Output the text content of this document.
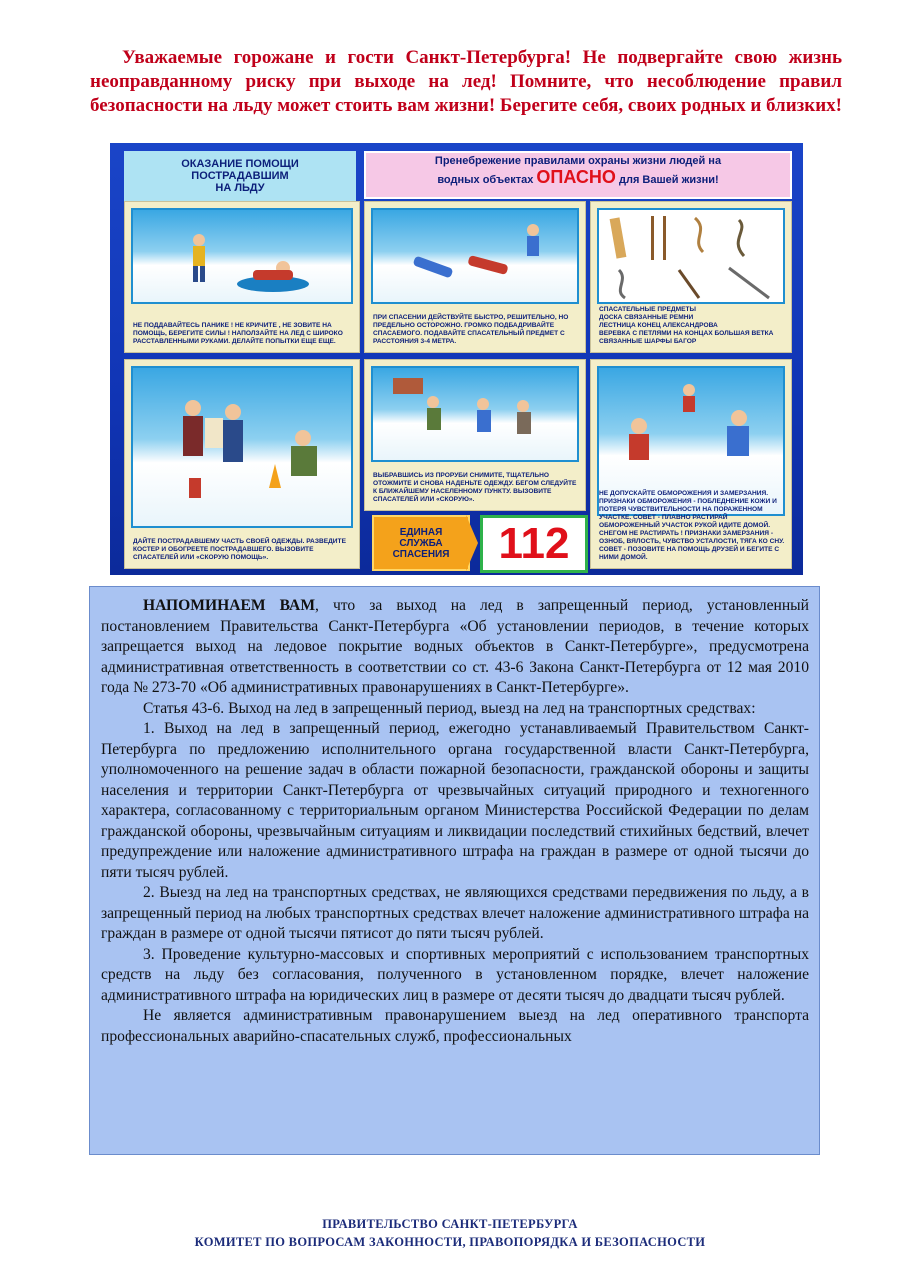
Уважаемые горожане и гости Санкт-Петербурга! Не подвергайте свою жизнь неоправданному риску при выходе на лед! Помните, что несоблюдение правил безопасности на льду может стоить вам жизни! Берегите себя, своих родных и близких!

ОКАЗАНИЕ ПОМОЩИ
ПОСТРАДАВШИМ
НА ЛЬДУ
Пренебрежение правилами охраны жизни людей на
водных объектах ОПАСНО для Вашей жизни!
НЕ ПОДДАВАЙТЕСЬ ПАНИКЕ ! НЕ КРИЧИТЕ , НЕ ЗОВИТЕ НА ПОМОЩЬ, БЕРЕГИТЕ СИЛЫ ! НАПОЛЗАЙТЕ НА ЛЕД С ШИРОКО РАССТАВЛЕННЫМИ РУКАМИ. ДЕЛАЙТЕ ПОПЫТКИ ЕЩЕ ЕЩЕ.
ПРИ СПАСЕНИИ ДЕЙСТВУЙТЕ БЫСТРО, РЕШИТЕЛЬНО, НО ПРЕДЕЛЬНО ОСТОРОЖНО. ГРОМКО ПОДБАДРИВАЙТЕ СПАСАЕМОГО. ПОДАВАЙТЕ СПАСАТЕЛЬНЫЙ ПРЕДМЕТ С РАССТОЯНИЯ 3-4 МЕТРА.
СПАСАТЕЛЬНЫЕ ПРЕДМЕТЫ
ДОСКА СВЯЗАННЫЕ РЕМНИ
ЛЕСТНИЦА КОНЕЦ АЛЕКСАНДРОВА
ВЕРЕВКА С ПЕТЛЯМИ НА КОНЦАХ БОЛЬШАЯ ВЕТКА
СВЯЗАННЫЕ ШАРФЫ БАГОР
ДАЙТЕ ПОСТРАДАВШЕМУ ЧАСТЬ СВОЕЙ ОДЕЖДЫ. РАЗВЕДИТЕ КОСТЕР И ОБОГРЕЕТЕ ПОСТРАДАВШЕГО. ВЫЗОВИТЕ СПАСАТЕЛЕЙ ИЛИ «СКОРУЮ ПОМОЩЬ».
ВЫБРАВШИСЬ ИЗ ПРОРУБИ СНИМИТЕ, ТЩАТЕЛЬНО ОТОЖМИТЕ И СНОВА НАДЕНЬТЕ ОДЕЖДУ. БЕГОМ СЛЕДУЙТЕ К БЛИЖАЙШЕМУ НАСЕЛЕННОМУ ПУНКТУ. ВЫЗОВИТЕ СПАСАТЕЛЕЙ ИЛИ «СКОРУЮ».
НЕ ДОПУСКАЙТЕ ОБМОРОЖЕНИЯ И ЗАМЕРЗАНИЯ. ПРИЗНАКИ ОБМОРОЖЕНИЯ - ПОБЛЕДНЕНИЕ КОЖИ И ПОТЕРЯ ЧУВСТВИТЕЛЬНОСТИ НА ПОРАЖЕННОМ УЧАСТКЕ. СОВЕТ - ПЛАВНО РАСТИРАЙ ОБМОРОЖЕННЫЙ УЧАСТОК РУКОЙ ИДИТЕ ДОМОЙ. СНЕГОМ НЕ РАСТИРАТЬ ! ПРИЗНАКИ ЗАМЕРЗАНИЯ - ОЗНОБ, ВЯЛОСТЬ, ЧУВСТВО УСТАЛОСТИ, ТЯГА КО СНУ. СОВЕТ - ПОЗОВИТЕ НА ПОМОЩЬ ДРУЗЕЙ И БЕГИТЕ С НИМИ ДОМОЙ.
ЕДИНАЯ
СЛУЖБА
СПАСЕНИЯ	112

НАПОМИНАЕМ ВАМ, что за выход на лед в запрещенный период, установленный постановлением Правительства Санкт-Петербурга «Об установлении периодов, в течение которых запрещается выход на ледовое покрытие водных объектов в Санкт-Петербурге», предусмотрена административная ответственность в соответствии со ст. 43-6 Закона Санкт-Петербурга от 12 мая 2010 года № 273-70 «Об административных правонарушениях в Санкт-Петербурге».

Статья 43-6. Выход на лед в запрещенный период, выезд на лед на транспортных средствах:

1. Выход на лед в запрещенный период, ежегодно устанавливаемый Правительством Санкт-Петербурга по предложению исполнительного органа государственной власти Санкт-Петербурга, уполномоченного на решение задач в области пожарной безопасности, гражданской обороны и защиты населения и территории Санкт-Петербурга от чрезвычайных ситуаций природного и техногенного характера, согласованному с территориальным органом Министерства Российской Федерации по делам гражданской обороны, чрезвычайным ситуациям и ликвидации последствий стихийных бедствий, влечет предупреждение или наложение административного штрафа на граждан в размере от одной тысячи до пяти тысяч рублей.

2. Выезд на лед на транспортных средствах, не являющихся средствами передвижения по льду, а в запрещенный период на любых транспортных средствах влечет наложение административного штрафа на граждан в размере от одной тысячи пятисот до пяти тысяч рублей.

3. Проведение культурно-массовых и спортивных мероприятий с использованием транспортных средств на льду без согласования, полученного в установленном порядке, влечет наложение административного штрафа на юридических лиц в размере от десяти тысяч до двадцати тысяч рублей.

Не является административным правонарушением выезд на лед оперативного транспорта профессиональных аварийно-спасательных служб, профессиональных

ПРАВИТЕЛЬСТВО САНКТ-ПЕТЕРБУРГА
КОМИТЕТ ПО ВОПРОСАМ ЗАКОННОСТИ, ПРАВОПОРЯДКА И БЕЗОПАСНОСТИ
